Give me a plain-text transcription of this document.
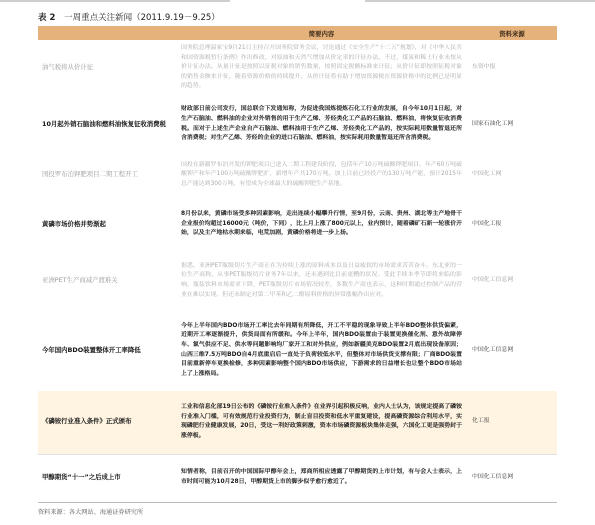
表 2 一周重点关注新闻（2011.9.19－9.25）
	简要内容	资料来源
油气税将从价计征	国务院总理温家宝9月21日主持召开国务院常务会议，讨论通过《安全生产“十二五”规划》，对《中华人民共和国资源税暂行条例》作出修改，对原油和天然气增加从价定率的计征办法。不过，煤炭和稀土行业未按从价计征办法。从量计征是按照以征税对象的销售数量，按照固定税额标准来计征；从价计征即按照征税对象的销售金额来计征，随着资源价格的持续提升，从价计征将有助于增加资源税在资源价格中的比例已是明显的趋势。	东资中报
10月起外销石脑油和燃料油恢复征收消费税	财政部日前公司发行，国总联合下发通知称，为促进我国炼提炼石化工行业的发展，自今年10月1日起，对生产石脑油、燃料油的企业对外销售的用于生产乙烯、芳烃类化工产品的石脑油、燃料油，将恢复征收消费税。而对于上述生产企业自产石脑油、燃料油用于生产乙烯、芳烃类化工产品的，按实际耗用数量暂退还所含消费税；对生产乙烯、芳烃的企业的进口石脑油、燃料油，按实际耗用数量暂退还所含消费税。	国家石油化工网
国投罗布泊钾肥项目二期工程开工	国投在新疆罗布泊开发的钾肥项目已进入二期工程建设阶段，包括年产10万吨硫酸钾肥项目、年产60万吨硫酸钾产和年产100万吨硫酸钾肥扩，新增年产共170万吨。加上目前已经投产的130万吨产能，预计2015年总产能达到300万吨，有望成为全球最大的硫酸钾肥生产基地。	中国化工网
黄磷市场价格并势渐起	8月份以来，黄磷市场受多种因素影响，走出连续小幅攀升行情，至9月份，云南、贵州、湖北等主产地骨干企业报价均超过16000元（吨价，下同），比上月上涨了800元以上，业内预计，随着磷矿石新一轮涨价开始，以及主产地枯水期来临，电荒加剧，黄磷价格将进一步上扬。	中国化工报
亚洲PET生产商减产渡难关	据悉，亚洲PET瓶级切片生产商正在为持续上涨的原料成本以及日益疲软的市场需求苦苦奋斗。东北亚的一位生产商称，从事PET瓶级切片业务7年以来，还未遇到比目前更糟的状况。受此手续本季节即将来临的影响，瓶装饮料市场需求下降，PET瓶级切片市场情况较差，多数生产商也表示，这种时期通过控制产品的营业在难以实现。但还未制定对第二甲苯和乙二醇原料价格的异常涨幅作出应对。	中国化工信息网
今年国内BDO装置整体开工率降低	今年上半年国内BDO市场开工率比去年同期有所降低，开工不平稳的现象导致上半年BDO整体供货偏紧，近期开工率逐渐提升，供货局面有所缓和。今年上半年，国内BDO装置由于装置更换催化剂、意外故障停车、氯气供应不足、供水等问题影响均厂家开工和对外供应，例如新疆美克BDO装置2月底出现设备原因；山西三维7.5万吨BDO自4月底重启后一直处于负荷较低水平，但整体对市场供货支撑有限；厂商BDO装置目前重新停车更换检修，多种因素影响整个国内BDO市场供应，下游需求的日益增长也让整个BDO市场站上了上涨格局。	中国化工信息网
《磷铵行业准入条件》正式颁布	工业和信息化部19日公布的《磷铵行业准入条件》在业界引起积极反响，业内人士认为，该规定提高了磷铵行业准入门槛，可有效规范行业投资行为，制止盲目投资和低水平重复建设，提高磷资源综合利用水平，实现磷肥行业健康发展，20日，受这一利好政策刺激，资本市场磷资源板块集体走强，六国化工更是强势封于涨停板。	化工报
甲醇期货“十一”之后成上市	知情者称，目前召开的中国国际甲醇年会上，郑商所相应透露了甲醇期货的上市计划，有与会人士表示，上市时间可能为10月28日，甲醇期货上市的脚步似乎愈行愈近了。	中国化工信息网
资料来源：各大网站、海通证券研究所
